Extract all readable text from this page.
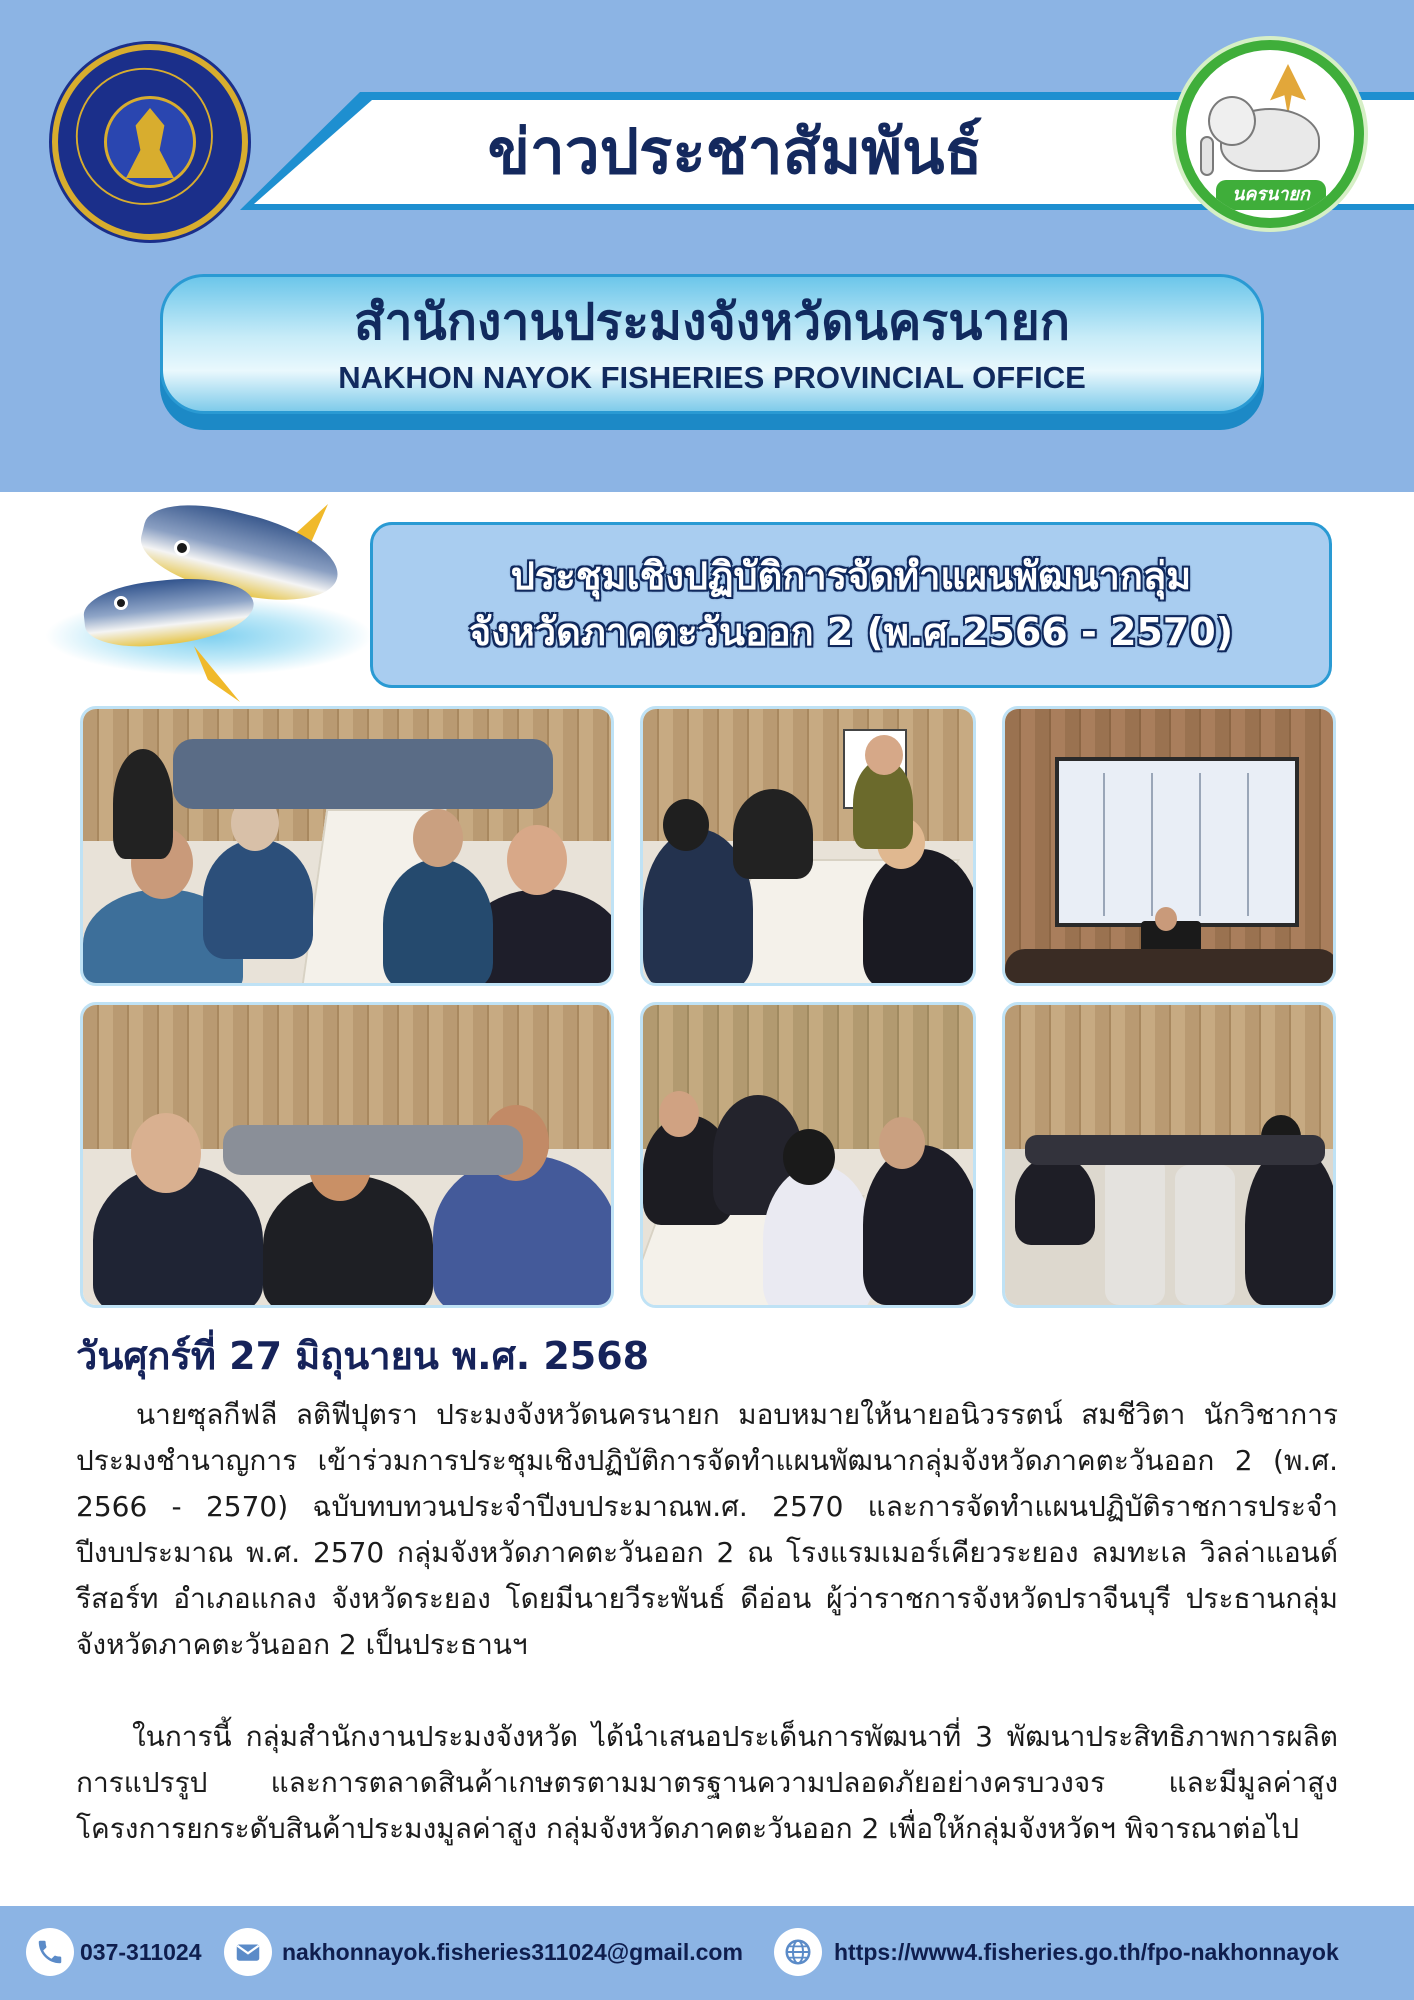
นครนายก
ข่าวประชาสัมพันธ์
สำนักงานประมงจังหวัดนครนายก
NAKHON NAYOK FISHERIES PROVINCIAL OFFICE
ประชุมเชิงปฏิบัติการจัดทำแผนพัฒนากลุ่ม
จังหวัดภาคตะวันออก 2 (พ.ศ.2566 - 2570)
วันศุกร์ที่ 27 มิถุนายน พ.ศ. 2568

นายซุลกีฟลี ลติฟีปุตรา ประมงจังหวัดนครนายก มอบหมายให้นายอนิวรรตน์ สมชีวิตา นักวิชาการประมงชำนาญการ เข้าร่วมการประชุมเชิงปฏิบัติการจัดทำแผนพัฒนากลุ่มจังหวัดภาคตะวันออก 2 (พ.ศ. 2566 - 2570) ฉบับทบทวนประจำปีงบประมาณพ.ศ. 2570 และการจัดทำแผนปฏิบัติราชการประจำปีงบประมาณ พ.ศ. 2570 กลุ่มจังหวัดภาคตะวันออก 2 ณ โรงแรมเมอร์เคียวระยอง ลมทะเล วิลล่าแอนด์ รีสอร์ท อำเภอแกลง จังหวัดระยอง โดยมีนายวีระพันธ์ ดีอ่อน ผู้ว่าราชการจังหวัดปราจีนบุรี ประธานกลุ่มจังหวัดภาคตะวันออก 2 เป็นประธานฯ

ในการนี้ กลุ่มสำนักงานประมงจังหวัด ได้นำเสนอประเด็นการพัฒนาที่ 3 พัฒนาประสิทธิภาพการผลิต การแปรรูป และการตลาดสินค้าเกษตรตามมาตรฐานความปลอดภัยอย่างครบวงจร และมีมูลค่าสูง โครงการยกระดับสินค้าประมงมูลค่าสูง กลุ่มจังหวัดภาคตะวันออก 2 เพื่อให้กลุ่มจังหวัดฯ พิจารณาต่อไป

037-311024	nakhonnayok.fisheries311024@gmail.com	https://www4.fisheries.go.th/fpo-nakhonnayok
